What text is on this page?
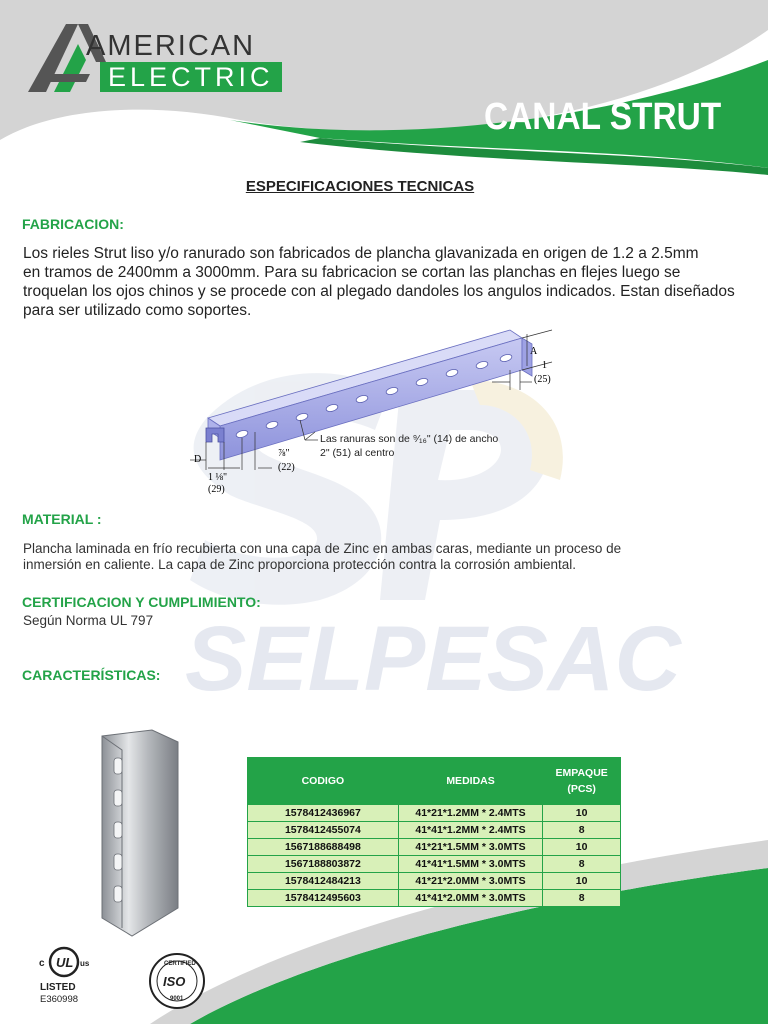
SELPESAC
AMERICAN
ELECTRIC
CANAL STRUT
ESPECIFICACIONES TECNICAS
FABRICACION:
Los rieles Strut liso y/o ranurado son fabricados de plancha glavanizada en origen de 1.2 a 2.5mm
en tramos de 2400mm a 3000mm. Para su fabricacion se cortan las planchas en flejes luego se
troquelan los ojos chinos y se procede con al plegado dandoles los angulos indicados. Estan diseñados
para ser utilizado como soportes.
A
1
(25)
D
1 ⅛"
(29)
⅞"
(22)
Las ranuras son de ⁹⁄₁₆" (14) de ancho
2" (51) al centro
MATERIAL :
Plancha laminada en frío recubierta con una capa de Zinc en ambas caras, mediante un proceso de
inmersión en caliente. La capa de Zinc proporciona protección contra la corrosión ambiental.
CERTIFICACION Y CUMPLIMIENTO:
Según Norma UL 797
CARACTERÍSTICAS:
CODIGO	MEDIDAS	EMPAQUE
(PCS)

1578412436967	41*21*1.2MM * 2.4MTS	10
1578412455074	41*41*1.2MM * 2.4MTS	8
1567188688498	41*21*1.5MM * 3.0MTS	10
1567188803872	41*41*1.5MM * 3.0MTS	8
1578412484213	41*21*2.0MM * 3.0MTS	10
1578412495603	41*41*2.0MM * 3.0MTS	8
UL
c	us
LISTED
E360998
CERTIFIED
ISO
9001
